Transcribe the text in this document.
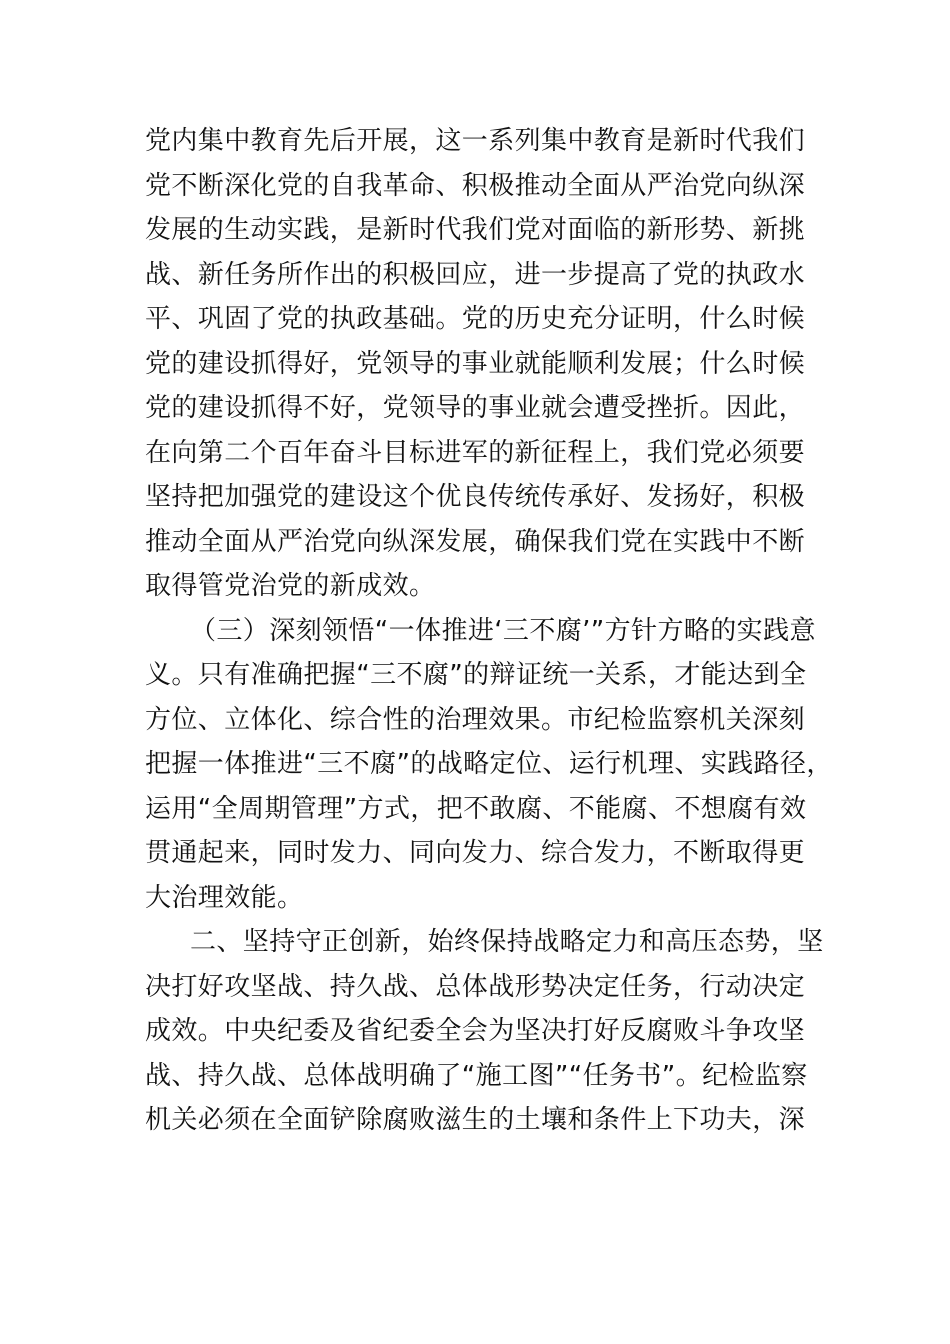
党内集中教育先后开展，这一系列集中教育是新时代我们
党不断深化党的自我革命、积极推动全面从严治党向纵深
发展的生动实践，是新时代我们党对面临的新形势、新挑
战、新任务所作出的积极回应，进一步提高了党的执政水
平、巩固了党的执政基础。党的历史充分证明，什么时候
党的建设抓得好，党领导的事业就能顺利发展；什么时候
党的建设抓得不好，党领导的事业就会遭受挫折。因此，
在向第二个百年奋斗目标进军的新征程上，我们党必须要
坚持把加强党的建设这个优良传统传承好、发扬好，积极
推动全面从严治党向纵深发展，确保我们党在实践中不断
取得管党治党的新成效。
（三）深刻领悟“一体推进‘三不腐’”方针方略的实践意
义。只有准确把握“三不腐”的辩证统一关系，才能达到全
方位、立体化、综合性的治理效果。市纪检监察机关深刻
把握一体推进“三不腐”的战略定位、运行机理、实践路径，
运用“全周期管理”方式，把不敢腐、不能腐、不想腐有效
贯通起来，同时发力、同向发力、综合发力，不断取得更
大治理效能。
二、坚持守正创新，始终保持战略定力和高压态势，坚
决打好攻坚战、持久战、总体战形势决定任务，行动决定
成效。中央纪委及省纪委全会为坚决打好反腐败斗争攻坚
战、持久战、总体战明确了“施工图”“任务书”。纪检监察
机关必须在全面铲除腐败滋生的土壤和条件上下功夫，深
